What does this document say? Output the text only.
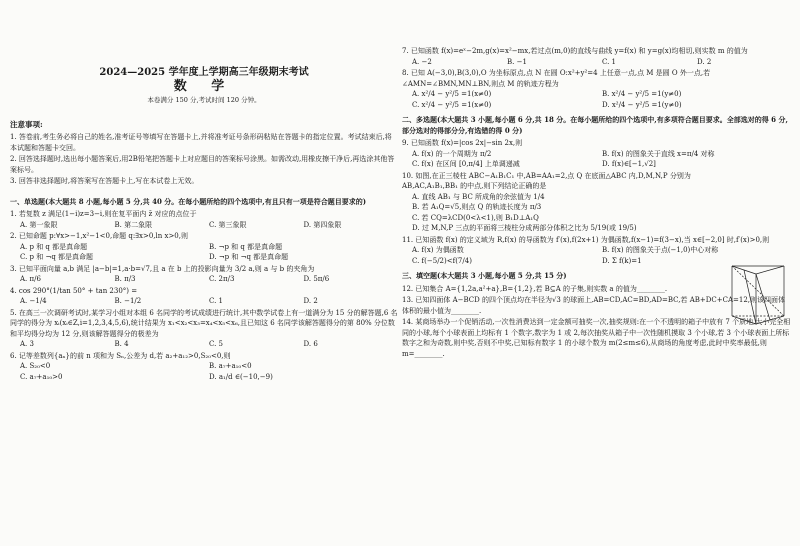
2024—2025 学年度上学期高三年级期末考试
数 学
本卷满分 150 分,考试时间 120 分钟。
注意事项:
1. 答卷前,考生务必将自己的姓名,准考证号等填写在答题卡上,并将准考证号条形码粘贴在答题卡的指定位置。考试结束后,将本试题和答题卡交回。
2. 回答选择题时,选出每小题答案后,用2B铅笔把答题卡上对应题目的答案标号涂黑。如需改动,用橡皮擦干净后,再选涂其他答案标号。
3. 回答非选择题时,将答案写在答题卡上,写在本试卷上无效。
一、单选题(本大题共 8 小题,每小题 5 分,共 40 分。在每小题所给的四个选项中,有且只有一项是符合题目要求的)
1. 若复数 z 满足(1−i)z=3−i,则在复平面内 z̄ 对应的点位于
A. 第一象限	B. 第二象限	C. 第三象限	D. 第四象限
2. 已知命题 p:∀x>−1,x²−1<0,命题 q:∃x>0,ln x>0,则
A. p 和 q 都是真命题	B. ¬p 和 q 都是真命题
C. p 和 ¬q 都是真命题	D. ¬p 和 ¬q 都是真命题
3. 已知平面向量 a,b 满足 |a−b|=1,a·b=√7,且 a 在 b 上的投影向量为 3/2 a,则 a 与 b 的夹角为
A. π/6	B. π/3	C. 2π/3	D. 5π/6
4. cos 290°(1/tan 50° + tan 230°) =
A. −1/4	B. −1/2	C. 1	D. 2
5. 在高三一次调研考试时,某学习小组对本组 6 名同学的考试成绩进行统计,其中数学试卷上有一道满分为 15 分的解答题,6 名同学的得分为 xᵢ(xᵢ∈Z,i=1,2,3,4,5,6),统计结果为 x₁<x₂<x₃=x₄<x₅<x₆,且已知这 6 名同学该解答题得分的第 80% 分位数和平均得分均为 12 分,则该解答题得分的极差为
A. 3	B. 4	C. 5	D. 6
6. 记等差数列{aₙ}的前 n 项和为 Sₙ,公差为 d,若 a₂+a₁₂>0,S₂₀<0,则
A. S₂₀<0	B. a₇+a₁₀<0
C. a₇+a₁₀>0	D. a₁/d ∈(−10,−9)
7. 已知函数 f(x)=eˣ−2m,g(x)=x²−mx,若过点(m,0)的直线与曲线 y=f(x) 和 y=g(x)均相切,则实数 m 的值为
A. −2	B. −1	C. 1	D. 2
8. 已知 A(−3,0),B(3,0),O 为坐标原点,点 N 在圆 O:x²+y²=4 上任意一点,点 M 是圆 O 外一点,若∠AMN=∠BMN,MN⊥BN,则点 M 的轨迹方程为
A. x²/4 − y²/5 =1(x≠0)	B. x²/4 − y²/5 =1(y≠0)
C. x²/4 − y²/5 =1(x≠0)	D. x²/4 − y²/5 =1(y≠0)
二、多选题(本大题共 3 小题,每小题 6 分,共 18 分。在每小题所给的四个选项中,有多项符合题目要求。全部选对的得 6 分,部分选对的得部分分,有选错的得 0 分)
9. 已知函数 f(x)=|cos 2x|−sin 2x,则
A. f(x) 的一个周期为 π/2	B. f(x) 的图象关于直线 x=π/4 对称
C. f(x) 在区间 [0,π/4] 上单调递减	D. f(x)∈[−1,√2]
10. 如图,在正三棱柱 ABC−A₁B₁C₁ 中,AB=AA₁=2,点 Q 在底面△ABC 内,D,M,N,P 分别为 AB,AC,A₁B₁,BB₁ 的中点,则下列结论正确的是
A. 直线 AB₁ 与 BC 所成角的余弦值为 1/4
B. 若 A₁Q=√5,则点 Q 的轨迹长度为 π/3
C. 若 CQ=λCD(0<λ<1),则 B₁D⊥A₁Q
D. 过 M,N,P 三点的平面将三棱柱分成两部分体积之比为 5/19(或 19/5)
11. 已知函数 f(x) 的定义域为 R,f(x) 的导函数为 f′(x),f(2x+1) 为偶函数,f(x−1)=f(3−x),当 x∈[−2,0] 时,f′(x)>0,则
A. f(x) 为偶函数	B. f(x) 的图象关于点(−1,0)中心对称
C. f(−5/2)<f(7/4)	D. Σ f(k)=1
三、填空题(本大题共 3 小题,每小题 5 分,共 15 分)
12. 已知集合 A={1,2a,a²+a},B={1,2},若 B⊆A 的子集,则实数 a 的值为________.
13. 已知四面体 A−BCD 的四个顶点均在半径为√3 的球面上,AB=CD,AC=BD,AD=BC,若 AB+DC+CA=12,则该四面体体积的最小值为________.
14. 某商场举办一个促销活动,一次性消费达到一定金额可抽奖一次,抽奖规则:在一个不透明的箱子中放有 7 个质地,大小完全相同的小球,每个小球表面上均标有 1 个数字,数字为 1 或 2,每次抽奖从箱子中一次性随机摸取 3 个小球,若 3 个小球表面上所标数字之和为奇数,则中奖,否则不中奖,已知标有数字 1 的小球个数为 m(2≤m≤6),从商场的角度考虑,此时中奖率最低,则 m=________.
